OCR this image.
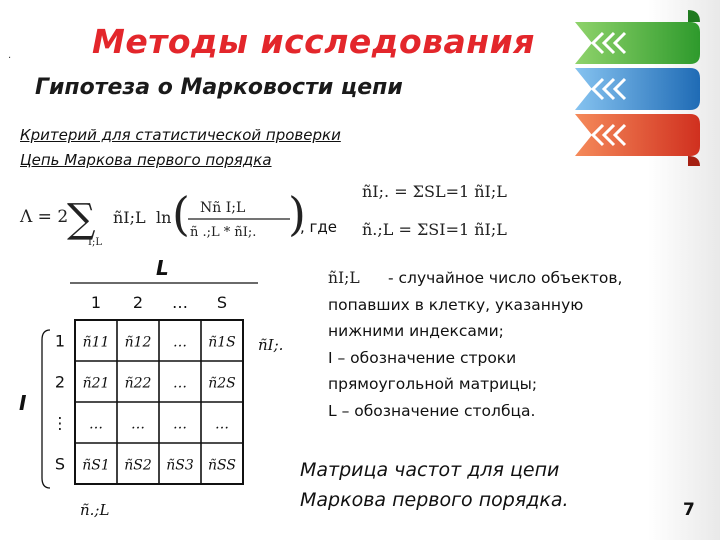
. Методы исследования
Гипотеза о Марковости цепи
Критерий для статистической проверки
Цепь Маркова первого порядка
Λ = 2
∑
I;L
ñI;L ln ( Nñ I;L
ñ .;L * ñI;. )	ñI;. = ΣSL=1 ñI;L
ñ.;L = ΣSI=1 ñI;L
, где
L
I
1 2 … S
1
2
⋮
S
ñ11 ñ12 … ñ1S
ñ21 ñ22 … ñ2S
… … … …
ñS1 ñS2 ñS3 ñSS
ñI;.
ñ.;L
ñI;L - случайное число объектов,
попавших в клетку, указанную
нижними индексами;
I – обозначение строки
прямоугольной матрицы;
L – обозначение столбца.
Матрица частот для цепи
Маркова первого порядка.	7
